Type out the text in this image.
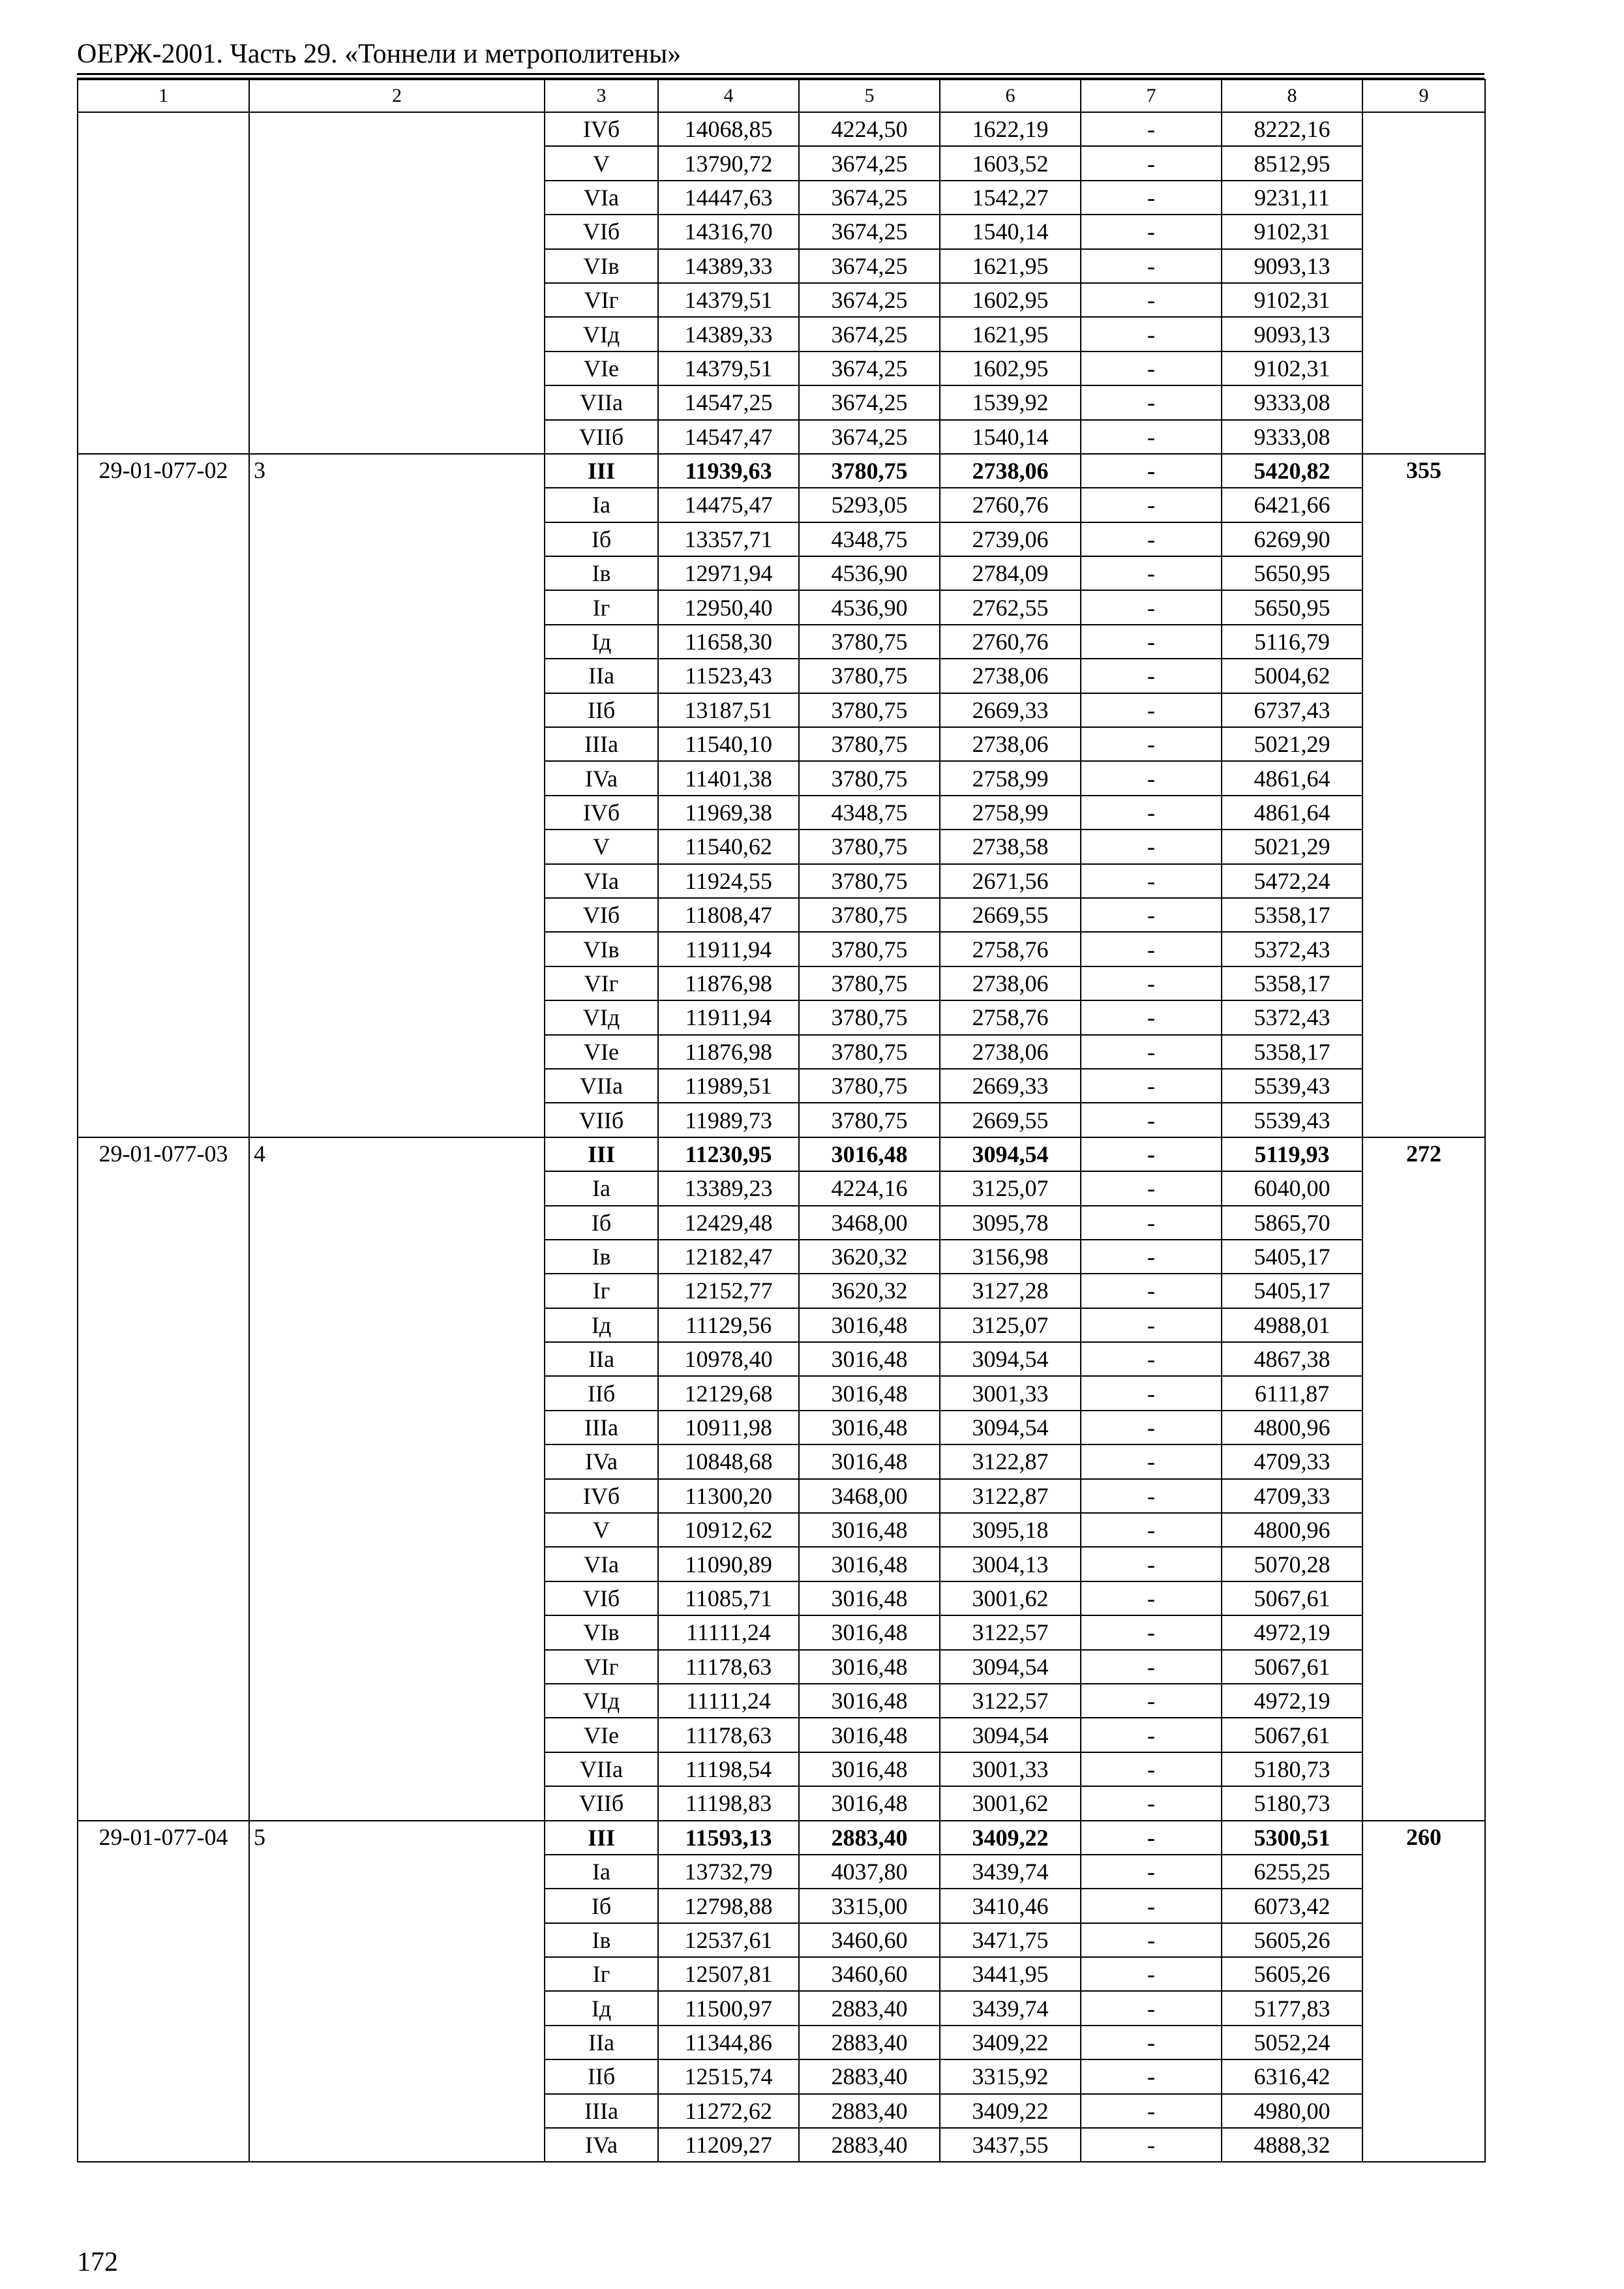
ОЕРЖ-2001. Часть 29. «Тоннели и метрополитены»
1	2	3	4	5	6	7	8	9
		IVб	14068,85	4224,50	1622,19	-	8222,16	
		V	13790,72	3674,25	1603,52	-	8512,95	
		VIa	14447,63	3674,25	1542,27	-	9231,11	
		VIб	14316,70	3674,25	1540,14	-	9102,31	
		VIв	14389,33	3674,25	1621,95	-	9093,13	
		VIг	14379,51	3674,25	1602,95	-	9102,31	
		VIд	14389,33	3674,25	1621,95	-	9093,13	
		VIе	14379,51	3674,25	1602,95	-	9102,31	
		VIIa	14547,25	3674,25	1539,92	-	9333,08	
		VIIб	14547,47	3674,25	1540,14	-	9333,08	
29-01-077-02	3	III	11939,63	3780,75	2738,06	-	5420,82	355
		Ia	14475,47	5293,05	2760,76	-	6421,66	
		Iб	13357,71	4348,75	2739,06	-	6269,90	
		Iв	12971,94	4536,90	2784,09	-	5650,95	
		Iг	12950,40	4536,90	2762,55	-	5650,95	
		Iд	11658,30	3780,75	2760,76	-	5116,79	
		IIa	11523,43	3780,75	2738,06	-	5004,62	
		IIб	13187,51	3780,75	2669,33	-	6737,43	
		IIIa	11540,10	3780,75	2738,06	-	5021,29	
		IVa	11401,38	3780,75	2758,99	-	4861,64	
		IVб	11969,38	4348,75	2758,99	-	4861,64	
		V	11540,62	3780,75	2738,58	-	5021,29	
		VIa	11924,55	3780,75	2671,56	-	5472,24	
		VIб	11808,47	3780,75	2669,55	-	5358,17	
		VIв	11911,94	3780,75	2758,76	-	5372,43	
		VIг	11876,98	3780,75	2738,06	-	5358,17	
		VIд	11911,94	3780,75	2758,76	-	5372,43	
		VIе	11876,98	3780,75	2738,06	-	5358,17	
		VIIa	11989,51	3780,75	2669,33	-	5539,43	
		VIIб	11989,73	3780,75	2669,55	-	5539,43	
29-01-077-03	4	III	11230,95	3016,48	3094,54	-	5119,93	272
		Ia	13389,23	4224,16	3125,07	-	6040,00	
		Iб	12429,48	3468,00	3095,78	-	5865,70	
		Iв	12182,47	3620,32	3156,98	-	5405,17	
		Iг	12152,77	3620,32	3127,28	-	5405,17	
		Iд	11129,56	3016,48	3125,07	-	4988,01	
		IIa	10978,40	3016,48	3094,54	-	4867,38	
		IIб	12129,68	3016,48	3001,33	-	6111,87	
		IIIa	10911,98	3016,48	3094,54	-	4800,96	
		IVa	10848,68	3016,48	3122,87	-	4709,33	
		IVб	11300,20	3468,00	3122,87	-	4709,33	
		V	10912,62	3016,48	3095,18	-	4800,96	
		VIa	11090,89	3016,48	3004,13	-	5070,28	
		VIб	11085,71	3016,48	3001,62	-	5067,61	
		VIв	11111,24	3016,48	3122,57	-	4972,19	
		VIг	11178,63	3016,48	3094,54	-	5067,61	
		VIд	11111,24	3016,48	3122,57	-	4972,19	
		VIе	11178,63	3016,48	3094,54	-	5067,61	
		VIIa	11198,54	3016,48	3001,33	-	5180,73	
		VIIб	11198,83	3016,48	3001,62	-	5180,73	
29-01-077-04	5	III	11593,13	2883,40	3409,22	-	5300,51	260
		Ia	13732,79	4037,80	3439,74	-	6255,25	
		Iб	12798,88	3315,00	3410,46	-	6073,42	
		Iв	12537,61	3460,60	3471,75	-	5605,26	
		Iг	12507,81	3460,60	3441,95	-	5605,26	
		Iд	11500,97	2883,40	3439,74	-	5177,83	
		IIa	11344,86	2883,40	3409,22	-	5052,24	
		IIб	12515,74	2883,40	3315,92	-	6316,42	
		IIIa	11272,62	2883,40	3409,22	-	4980,00	
		IVa	11209,27	2883,40	3437,55	-	4888,32	
172
